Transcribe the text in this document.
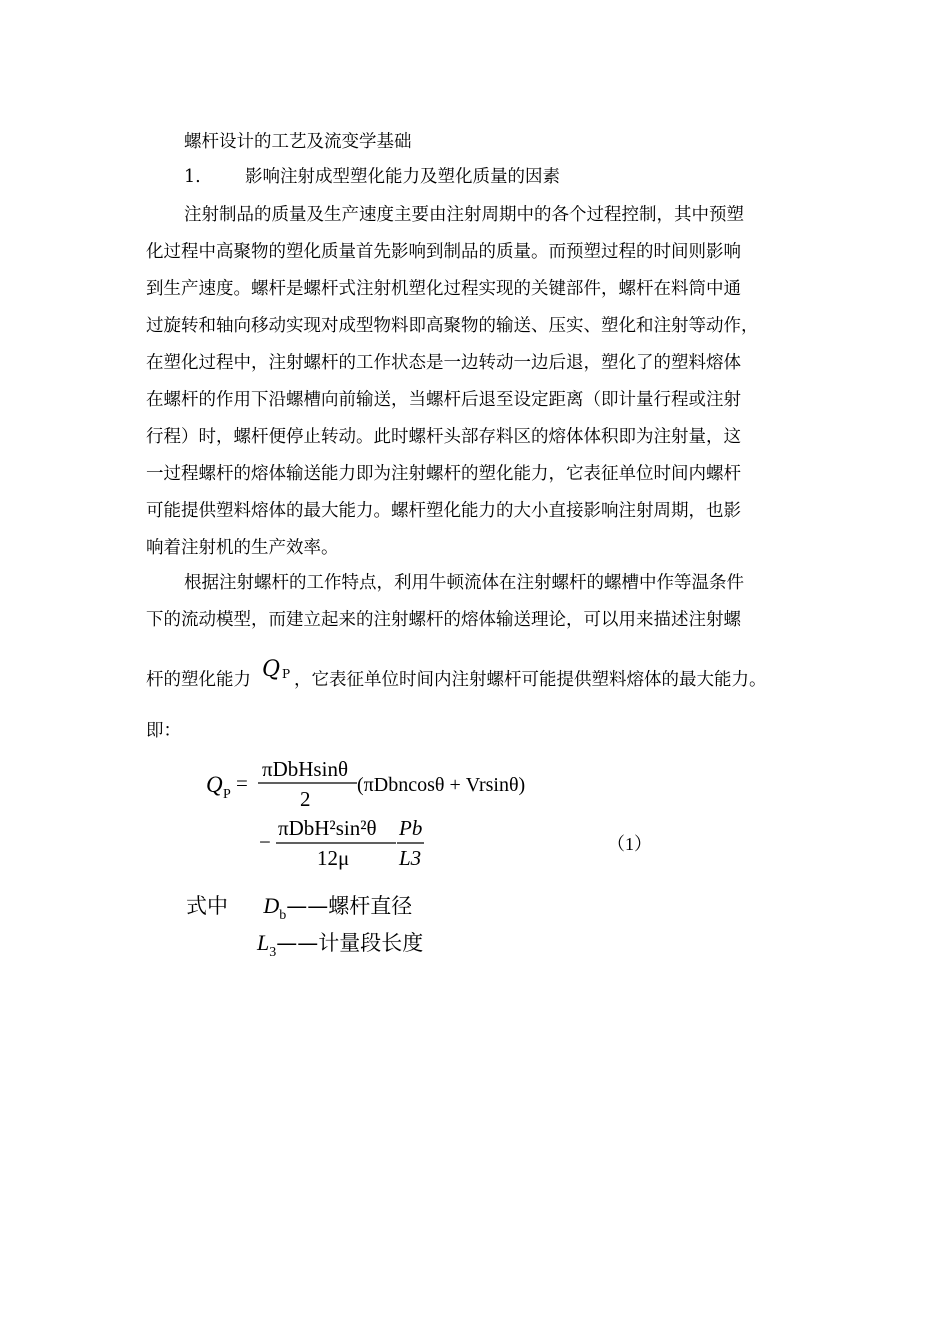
螺杆设计的工艺及流变学基础
1.	影响注射成型塑化能力及塑化质量的因素
注射制品的质量及生产速度主要由注射周期中的各个过程控制，其中预塑
化过程中高聚物的塑化质量首先影响到制品的质量。而预塑过程的时间则影响
到生产速度。螺杆是螺杆式注射机塑化过程实现的关键部件，螺杆在料筒中通
过旋转和轴向移动实现对成型物料即高聚物的输送、压实、塑化和注射等动作，
在塑化过程中，注射螺杆的工作状态是一边转动一边后退，塑化了的塑料熔体
在螺杆的作用下沿螺槽向前输送，当螺杆后退至设定距离（即计量行程或注射
行程）时，螺杆便停止转动。此时螺杆头部存料区的熔体体积即为注射量，这
一过程螺杆的熔体输送能力即为注射螺杆的塑化能力，它表征单位时间内螺杆
可能提供塑料熔体的最大能力。螺杆塑化能力的大小直接影响注射周期，也影
响着注射机的生产效率。
根据注射螺杆的工作特点，利用牛顿流体在注射螺杆的螺槽中作等温条件
下的流动模型，而建立起来的注射螺杆的熔体输送理论，可以用来描述注射螺
杆的塑化能力 Q P ，它表征单位时间内注射螺杆可能提供塑料熔体的最大能力。
即：
Q P =
πDbHsinθ
2
(πDbncosθ + Vrsinθ)
−
πDbH²sin²θ
12μ
Pb
L3
（1）
式中 $D_b——$螺杆直径
$L_3——$计量段长度
